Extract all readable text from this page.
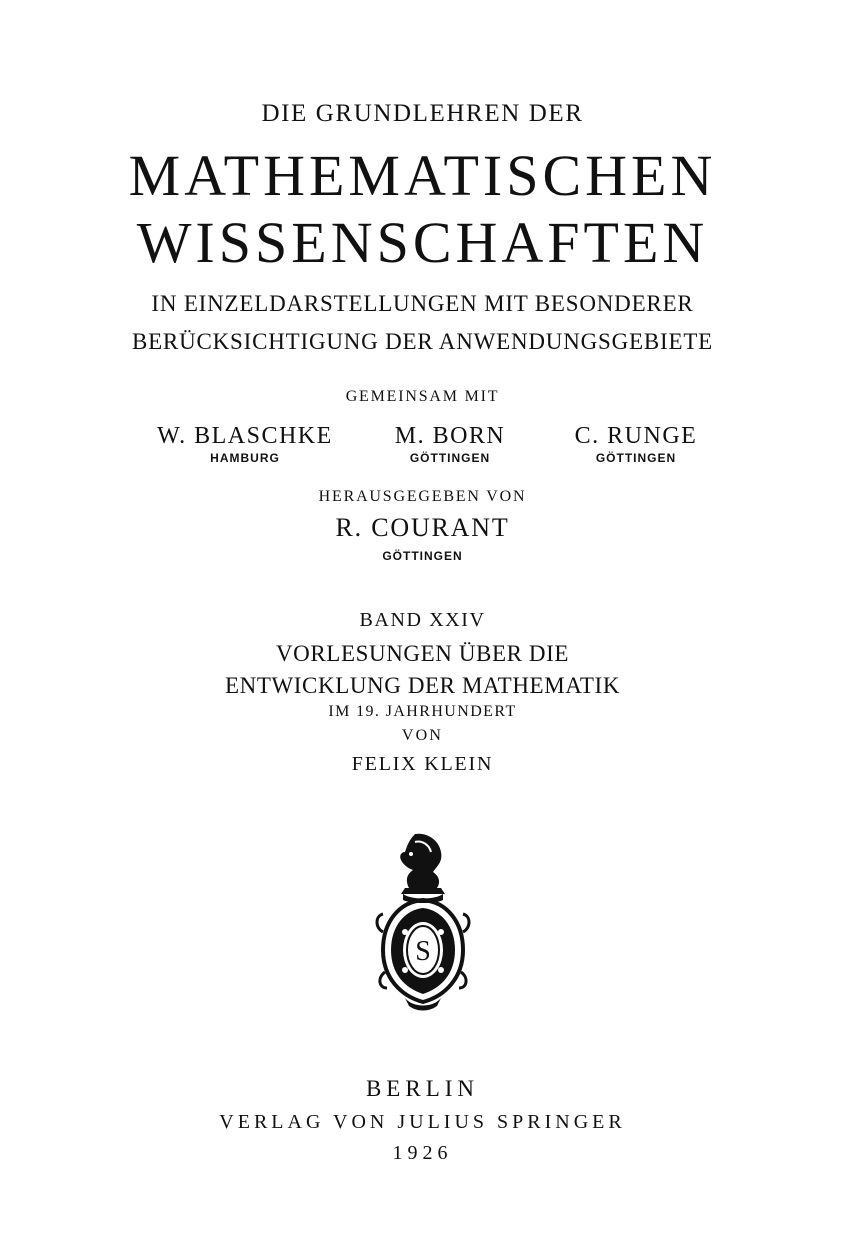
DIE GRUNDLEHREN DER
MATHEMATISCHEN
WISSENSCHAFTEN
IN EINZELDARSTELLUNGEN MIT BESONDERER
BERÜCKSICHTIGUNG DER ANWENDUNGSGEBIETE
GEMEINSAM MIT
W. BLASCHKE
HAMBURG
M. BORN
GÖTTINGEN
C. RUNGE
GÖTTINGEN
HERAUSGEGEBEN VON
R. COURANT
GÖTTINGEN
BAND XXIV
VORLESUNGEN ÜBER DIE
ENTWICKLUNG DER MATHEMATIK
IM 19. JAHRHUNDERT
VON
FELIX KLEIN
S
BERLIN
VERLAG VON JULIUS SPRINGER
1926
